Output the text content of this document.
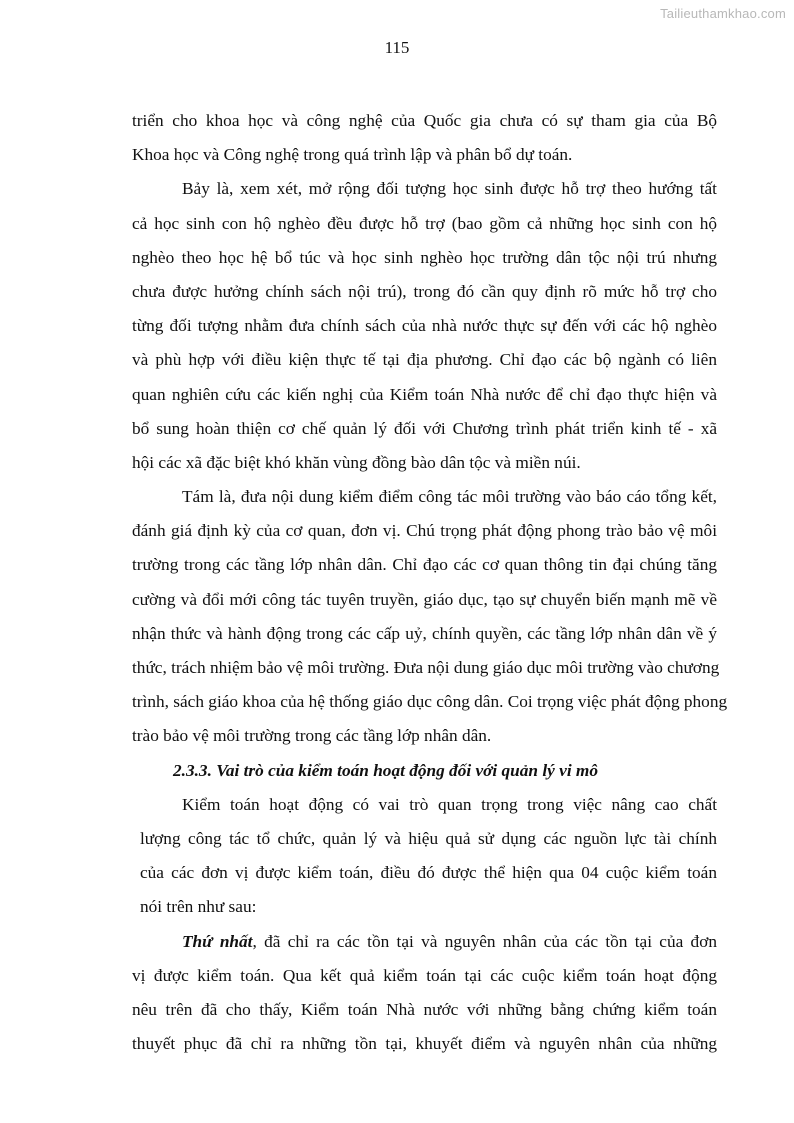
Tailieuthamkhao.com
115
triển cho khoa học và công nghệ của Quốc gia chưa có sự tham gia của Bộ
Khoa học và Công nghệ trong quá trình lập và phân bổ dự toán.
Bảy là, xem xét, mở rộng đối tượng học sinh được hỗ trợ theo hướng tất
cả học sinh con hộ nghèo đều được hỗ trợ (bao gồm cả những học sinh con hộ
nghèo theo học hệ bổ túc và học sinh nghèo học trường dân tộc nội trú nhưng
chưa được hưởng chính sách nội trú), trong đó cần quy định rõ mức hỗ trợ cho
từng đối tượng nhằm đưa chính sách của nhà nước thực sự đến với các hộ nghèo
và phù hợp với điều kiện thực tế tại địa phương. Chỉ đạo các bộ ngành có liên
quan nghiên cứu các kiến nghị của Kiểm toán Nhà nước để chỉ đạo thực hiện và
bổ sung hoàn thiện cơ chế quản lý đối với Chương trình phát triển kinh tế - xã
hội các xã đặc biệt khó khăn vùng đồng bào dân tộc và miền núi.
Tám là, đưa nội dung kiểm điểm công tác môi trường vào báo cáo tổng kết,
đánh giá định kỳ của cơ quan, đơn vị. Chú trọng phát động phong trào bảo vệ môi
trường trong các tầng lớp nhân dân. Chỉ đạo các cơ quan thông tin đại chúng tăng
cường và đổi mới công tác tuyên truyền, giáo dục, tạo sự chuyển biến mạnh mẽ về
nhận thức và hành động trong các cấp uỷ, chính quyền, các tầng lớp nhân dân về ý
thức, trách nhiệm bảo vệ môi trường. Đưa nội dung giáo dục môi trường vào chương
trình, sách giáo khoa của hệ thống giáo dục công dân. Coi trọng việc phát động phong
trào bảo vệ môi trường trong các tầng lớp nhân dân.
2.3.3. Vai trò của kiểm toán hoạt động đối với quản lý vi mô
Kiểm toán hoạt động có vai trò quan trọng trong việc nâng cao chất
lượng công tác tổ chức, quản lý và hiệu quả sử dụng các nguồn lực tài chính
của các đơn vị được kiểm toán, điều đó được thể hiện qua 04 cuộc kiểm toán
nói trên như sau:
Thứ nhất, đã chỉ ra các tồn tại và nguyên nhân của các tồn tại của đơn
vị được kiểm toán. Qua kết quả kiểm toán tại các cuộc kiểm toán hoạt động
nêu trên đã cho thấy, Kiểm toán Nhà nước với những bằng chứng kiểm toán
thuyết phục đã chỉ ra những tồn tại, khuyết điểm và nguyên nhân của những
